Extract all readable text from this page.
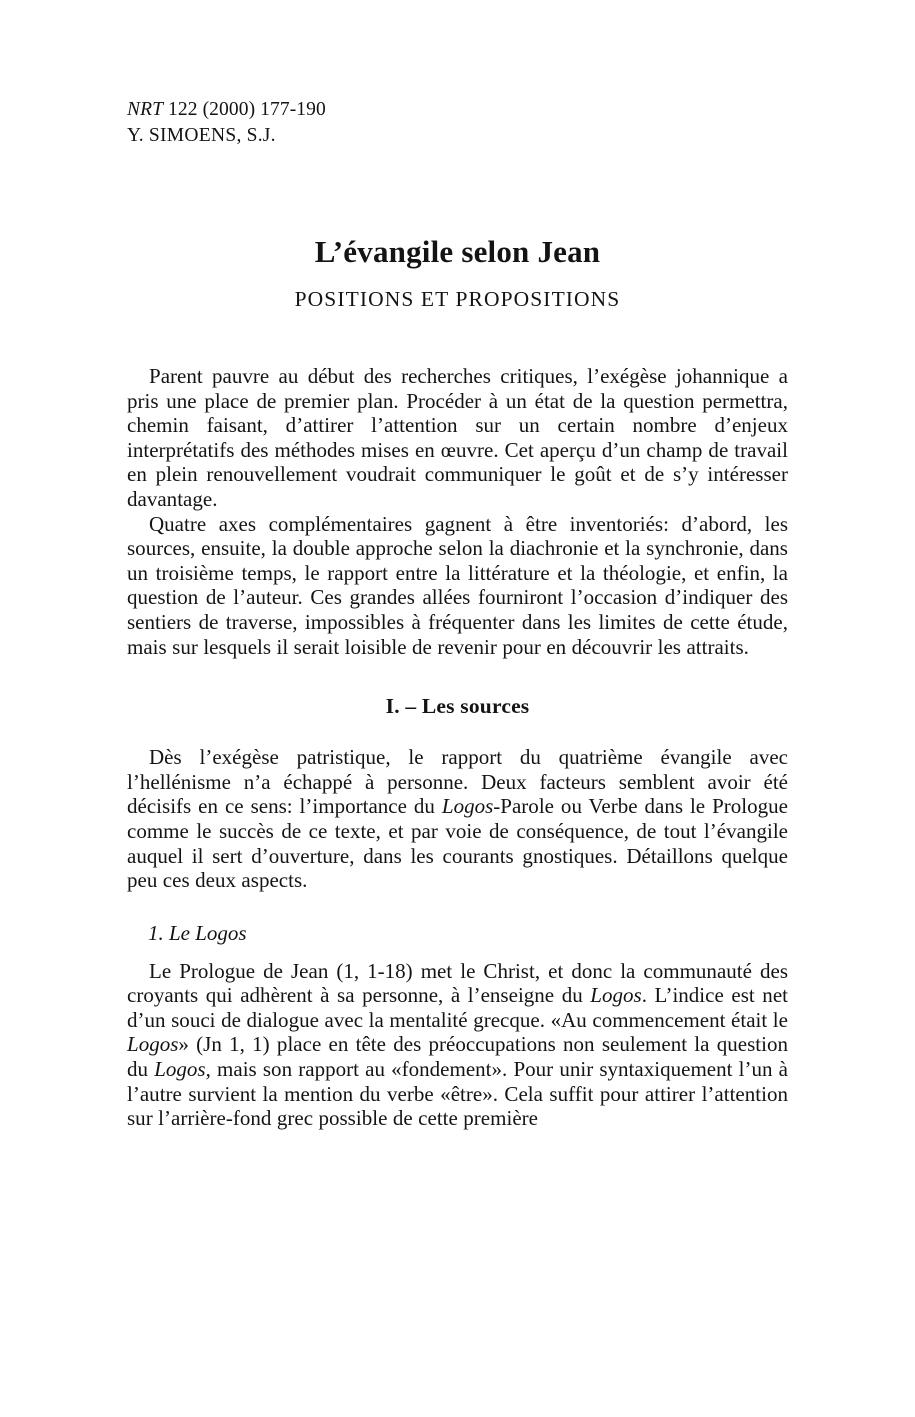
NRT 122 (2000) 177-190
Y. SIMOENS, S.J.
L’évangile selon Jean
POSITIONS ET PROPOSITIONS

Parent pauvre au début des recherches critiques, l’exégèse johannique a pris une place de premier plan. Procéder à un état de la question permettra, chemin faisant, d’attirer l’attention sur un certain nombre d’enjeux interprétatifs des méthodes mises en œuvre. Cet aperçu d’un champ de travail en plein renouvellement voudrait communiquer le goût et de s’y intéresser davantage.

Quatre axes complémentaires gagnent à être inventoriés: d’abord, les sources, ensuite, la double approche selon la diachronie et la synchronie, dans un troisième temps, le rapport entre la littérature et la théologie, et enfin, la question de l’auteur. Ces grandes allées fourniront l’occasion d’indiquer des sentiers de traverse, impossibles à fréquenter dans les limites de cette étude, mais sur lesquels il serait loisible de revenir pour en découvrir les attraits.

I. – Les sources

Dès l’exégèse patristique, le rapport du quatrième évangile avec l’hellénisme n’a échappé à personne. Deux facteurs semblent avoir été décisifs en ce sens: l’importance du Logos-Parole ou Verbe dans le Prologue comme le succès de ce texte, et par voie de conséquence, de tout l’évangile auquel il sert d’ouverture, dans les courants gnostiques. Détaillons quelque peu ces deux aspects.

1. Le Logos

Le Prologue de Jean (1, 1-18) met le Christ, et donc la communauté des croyants qui adhèrent à sa personne, à l’enseigne du Logos. L’indice est net d’un souci de dialogue avec la mentalité grecque. «Au commencement était le Logos» (Jn 1, 1) place en tête des préoccupations non seulement la question du Logos, mais son rapport au «fondement». Pour unir syntaxiquement l’un à l’autre survient la mention du verbe «être». Cela suffit pour attirer l’attention sur l’arrière-fond grec possible de cette première
